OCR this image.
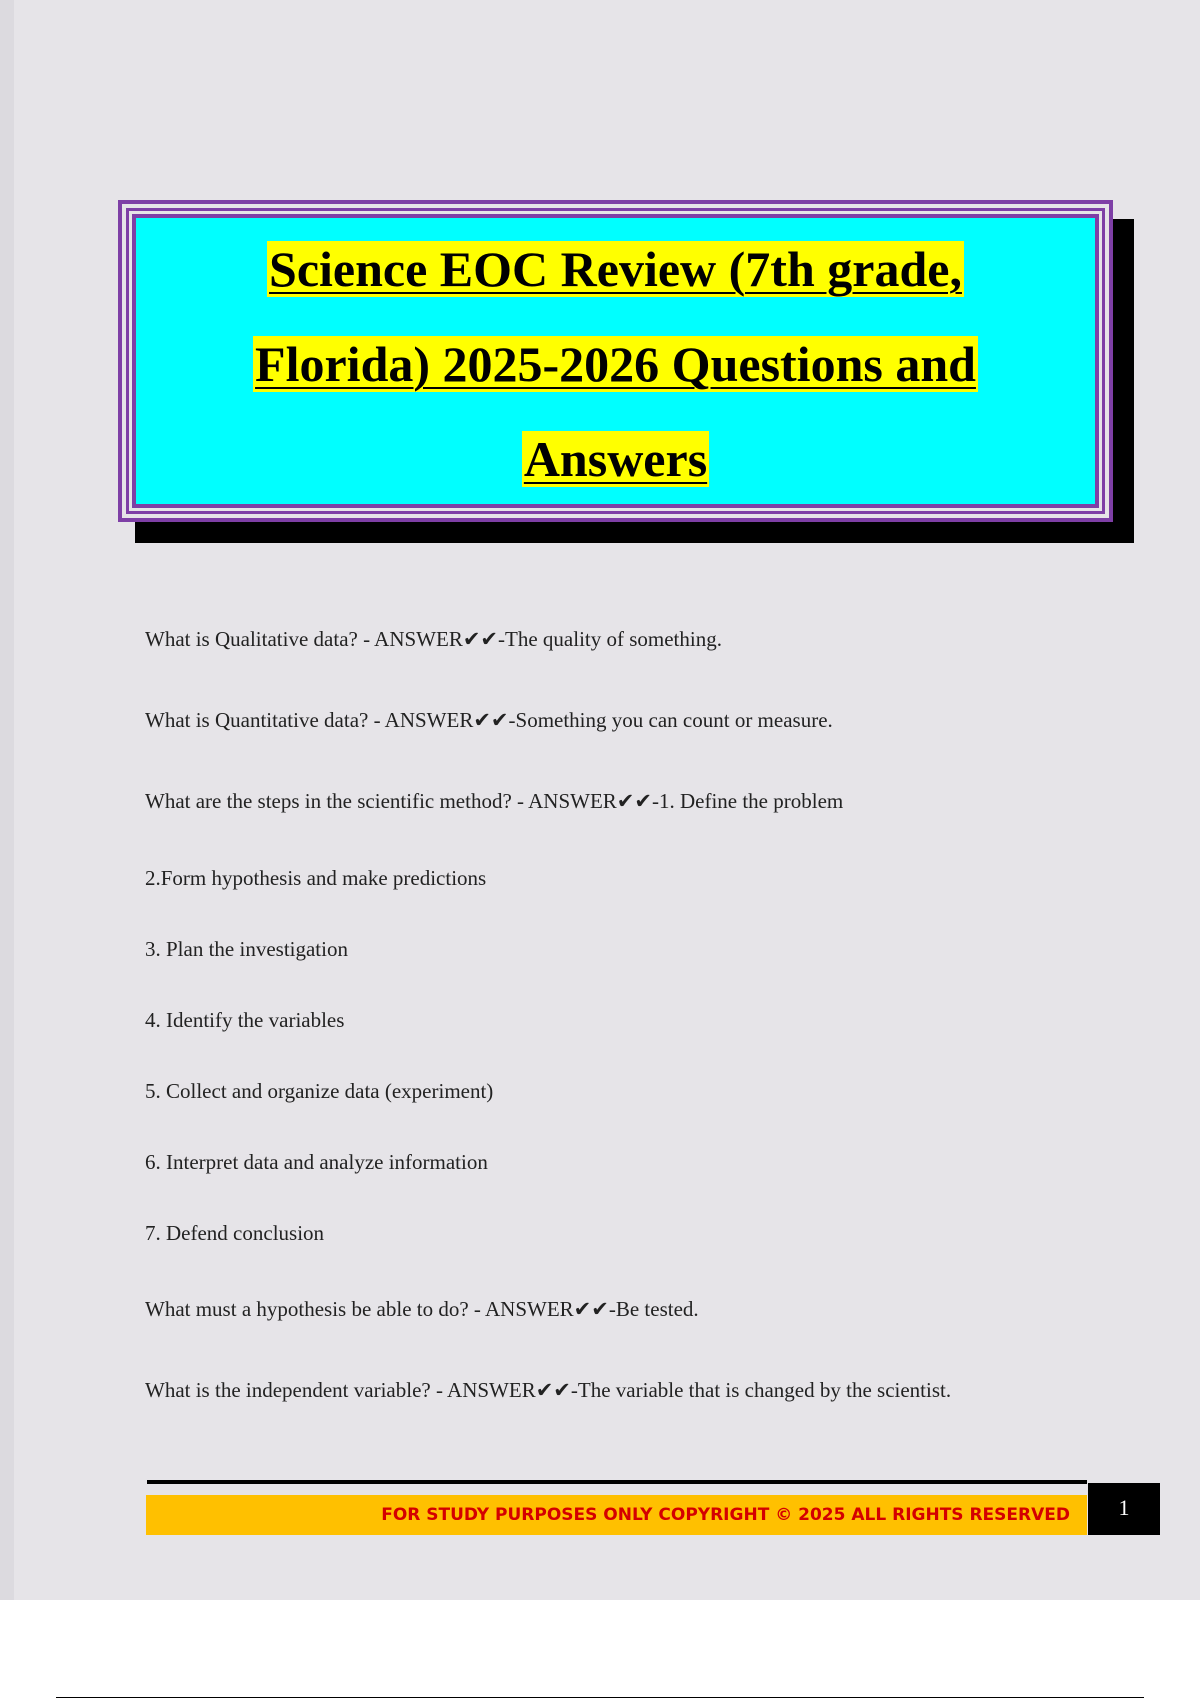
Science EOC Review (7th grade,
Florida) 2025-2026 Questions and
Answers
What is Qualitative data? - ANSWER✔✔-The quality of something.
What is Quantitative data? - ANSWER✔✔-Something you can count or measure.
What are the steps in the scientific method? - ANSWER✔✔-1. Define the problem
2.Form hypothesis and make predictions
3. Plan the investigation
4. Identify the variables
5. Collect and organize data (experiment)
6. Interpret data and analyze information
7. Defend conclusion
What must a hypothesis be able to do? - ANSWER✔✔-Be tested.
What is the independent variable? - ANSWER✔✔-The variable that is changed by the scientist.
FOR STUDY PURPOSES ONLY COPYRIGHT © 2025 ALL RIGHTS RESERVED	1
